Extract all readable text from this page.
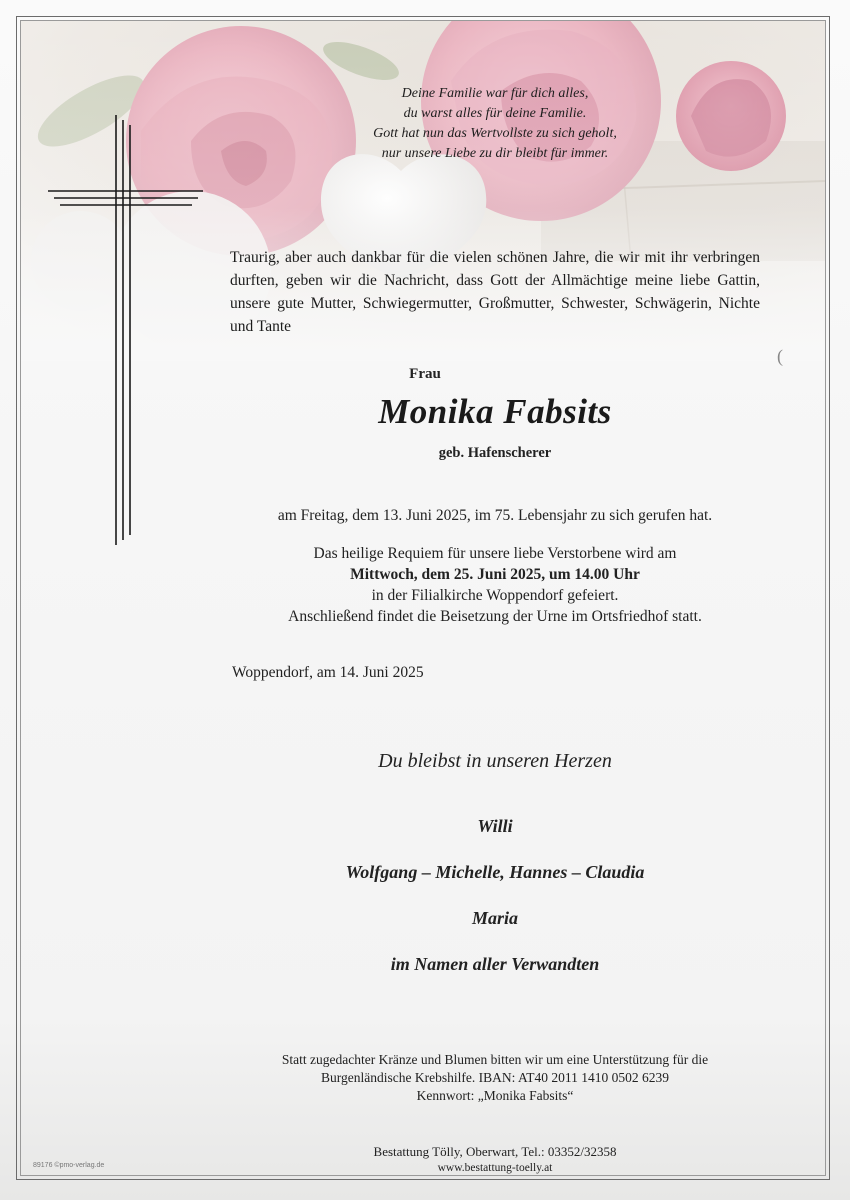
Deine Familie war für dich alles,
du warst alles für deine Familie.
Gott hat nun das Wertvollste zu sich geholt,
nur unsere Liebe zu dir bleibt für immer.
Traurig, aber auch dankbar für die vielen schönen Jahre, die wir mit ihr verbringen durften, geben wir die Nachricht, dass Gott der Allmächtige meine liebe Gattin, unsere gute Mutter, Schwiegermutter, Großmutter, Schwester, Schwägerin, Nichte und Tante
Frau
Monika Fabsits
geb. Hafenscherer
am Freitag, dem 13. Juni 2025, im 75. Lebensjahr zu sich gerufen hat.
Das heilige Requiem für unsere liebe Verstorbene wird am
Mittwoch, dem 25. Juni 2025, um 14.00 Uhr
in der Filialkirche Woppendorf gefeiert.
Anschließend findet die Beisetzung der Urne im Ortsfriedhof statt.
Woppendorf, am 14. Juni 2025
Du bleibst in unseren Herzen
Willi
Wolfgang – Michelle, Hannes – Claudia
Maria
im Namen aller Verwandten
Statt zugedachter Kränze und Blumen bitten wir um eine Unterstützung für die
Burgenländische Krebshilfe. IBAN: AT40 2011 1410 0502 6239
Kennwort: „Monika Fabsits“
Bestattung Tölly, Oberwart, Tel.: 03352/32358
www.bestattung-toelly.at
89176 ©pmo-verlag.de
(
